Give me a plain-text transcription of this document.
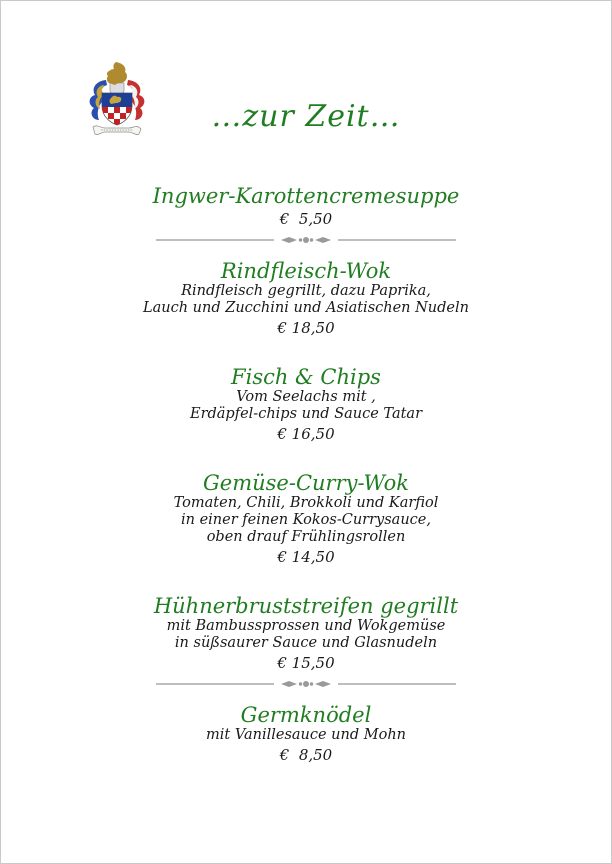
…zur Zeit…
Ingwer-Karottencremesuppe
€  5,50
Rindfleisch-Wok
Rindfleisch gegrillt, dazu Paprika,
Lauch und Zucchini und Asiatischen Nudeln
€ 18,50
Fisch & Chips
Vom Seelachs mit ,
Erdäpfel-chips und Sauce Tatar
€ 16,50
Gemüse-Curry-Wok
Tomaten, Chili, Brokkoli und Karfiol
in einer feinen Kokos-Currysauce,
oben drauf Frühlingsrollen
€ 14,50
Hühnerbruststreifen gegrillt
mit Bambussprossen und Wokgemüse
in süßsaurer Sauce und Glasnudeln
€ 15,50
Germknödel
mit Vanillesauce und Mohn
€  8,50
